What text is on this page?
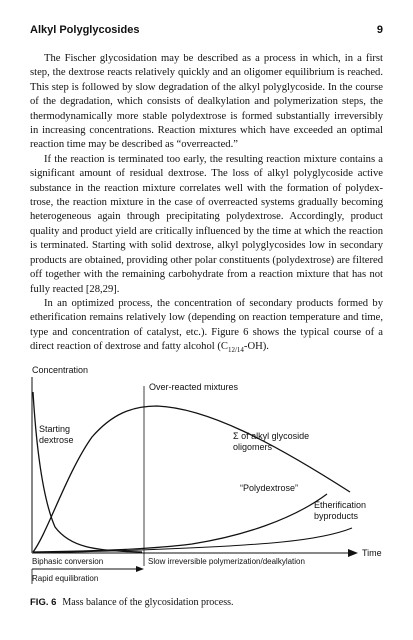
Alkyl Polyglycosides	9

The Fischer glycosidation may be described as a process in which, in a first step, the dextrose reacts relatively quickly and an oligomer equilibrium is reached. This step is followed by slow degradation of the alkyl polyglycoside. In the course of the degradation, which consists of dealkylation and polymerization steps, the thermodynamically more stable polydextrose is formed substantially irreversibly in increasing concentrations. Reaction mixtures which have exceeded an optimal reaction time may be described as “overreacted.”

If the reaction is terminated too early, the resulting reaction mixture contains a significant amount of residual dextrose. The loss of alkyl polyglycoside active substance in the reaction mixture correlates well with the formation of polydextrose, the reaction mixture in the case of overreacted systems gradually becoming heterogeneous again through precipitating polydextrose. Accordingly, product quality and product yield are critically influenced by the time at which the reaction is terminated. Starting with solid dextrose, alkyl polyglycosides low in secondary products are obtained, providing other polar constituents (polydextrose) are filtered off together with the remaining carbohydrate from a reaction mixture that has not fully reacted [28,29].

In an optimized process, the concentration of secondary products formed by etherification remains relatively low (depending on reaction temperature and time, type and concentration of catalyst, etc.). Figure 6 shows the typical course of a direct reaction of dextrose and fatty alcohol $(C_{12/14}-OH)$.

Concentration
Time
Over-reacted mixtures
Starting
dextrose	Σ of alkyl glycoside
oligomers
“Polydextrose”
Etherification
byproducts
Biphasic conversion	Slow irreversible polymerization/dealkylation
Rapid equilibration
FIG. 6 Mass balance of the glycosidation process.
